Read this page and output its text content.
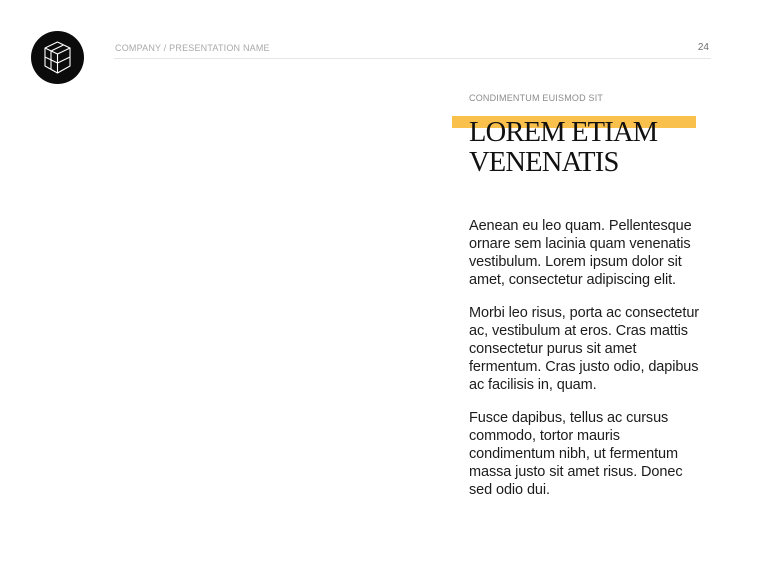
COMPANY / PRESENTATION NAME	24

CONDIMENTUM EUISMOD SIT

LOREM ETIAM
VENENATIS

Aenean eu leo quam. Pellentesque ornare sem lacinia quam venenatis vestibulum. Lorem ipsum dolor sit amet, consectetur adipiscing elit.

Morbi leo risus, porta ac consectetur ac, vestibulum at eros. Cras mattis consectetur purus sit amet fermentum. Cras justo odio, dapibus ac facilisis in, quam.

Fusce dapibus, tellus ac cursus commodo, tortor mauris condimentum nibh, ut fermentum massa justo sit amet risus. Donec sed odio dui.
